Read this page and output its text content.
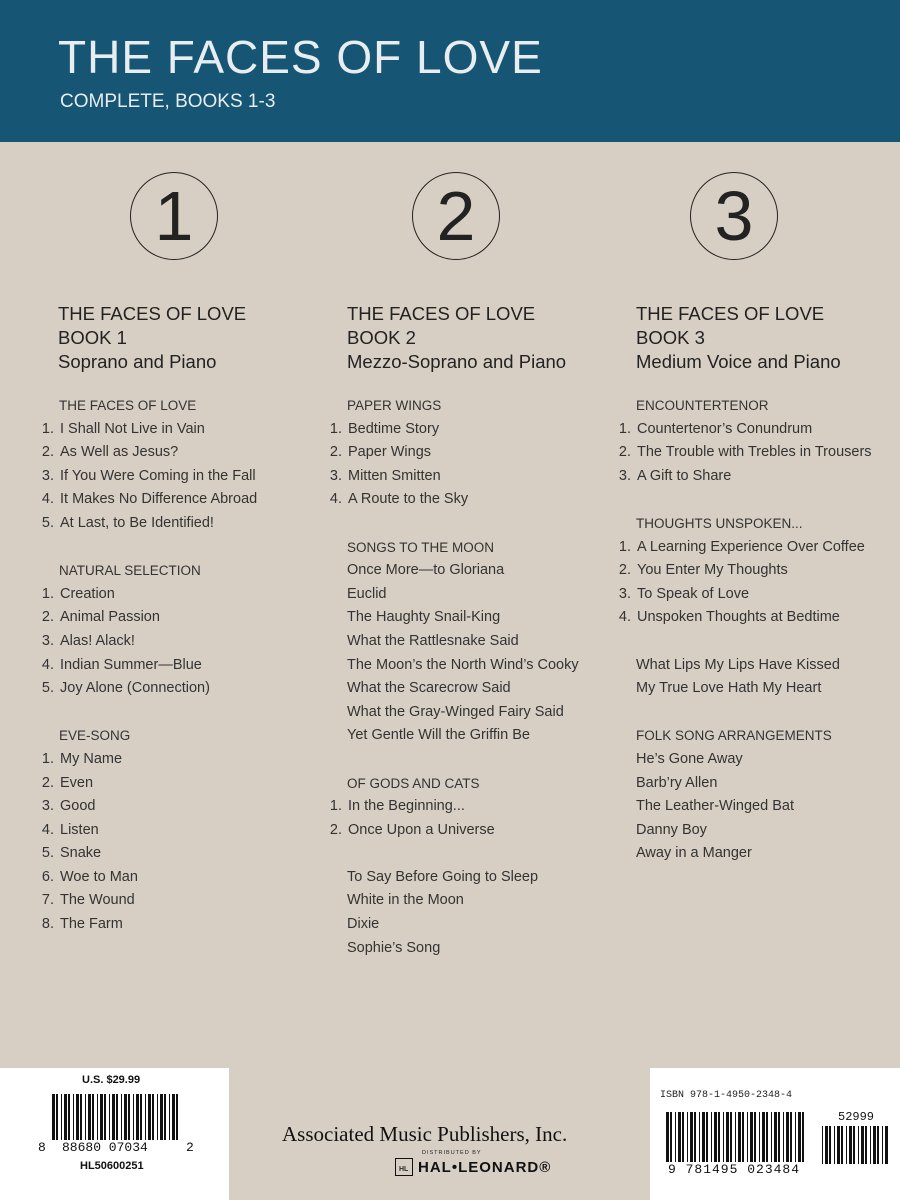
THE FACES OF LOVE
COMPLETE, BOOKS 1-3
1
THE FACES OF LOVE
BOOK 1
Soprano and Piano
THE FACES OF LOVE
1. I Shall Not Live in Vain
2. As Well as Jesus?
3. If You Were Coming in the Fall
4. It Makes No Difference Abroad
5. At Last, to Be Identified!
NATURAL SELECTION
1. Creation
2. Animal Passion
3. Alas! Alack!
4. Indian Summer—Blue
5. Joy Alone (Connection)
EVE-SONG
1. My Name
2. Even
3. Good
4. Listen
5. Snake
6. Woe to Man
7. The Wound
8. The Farm
2
THE FACES OF LOVE
BOOK 2
Mezzo-Soprano and Piano
PAPER WINGS
1. Bedtime Story
2. Paper Wings
3. Mitten Smitten
4. A Route to the Sky
SONGS TO THE MOON
Once More—to Gloriana
Euclid
The Haughty Snail-King
What the Rattlesnake Said
The Moon’s the North Wind’s Cooky
What the Scarecrow Said
What the Gray-Winged Fairy Said
Yet Gentle Will the Griffin Be
OF GODS AND CATS
1. In the Beginning...
2. Once Upon a Universe
To Say Before Going to Sleep
White in the Moon
Dixie
Sophie’s Song
3
THE FACES OF LOVE
BOOK 3
Medium Voice and Piano
ENCOUNTERTENOR
1. Countertenor’s Conundrum
2. The Trouble with Trebles in Trousers
3. A Gift to Share
THOUGHTS UNSPOKEN...
1. A Learning Experience Over Coffee
2. You Enter My Thoughts
3. To Speak of Love
4. Unspoken Thoughts at Bedtime
What Lips My Lips Have Kissed
My True Love Hath My Heart
FOLK SONG ARRANGEMENTS
He’s Gone Away
Barb’ry Allen
The Leather-Winged Bat
Danny Boy
Away in a Manger
U.S. $29.99
8 88680 07034	2
HL50600251
Associated Music Publishers, Inc.
DISTRIBUTED BY
HL HAL•LEONARD®
ISBN 978-1-4950-2348-4
52999
9 781495 023484
